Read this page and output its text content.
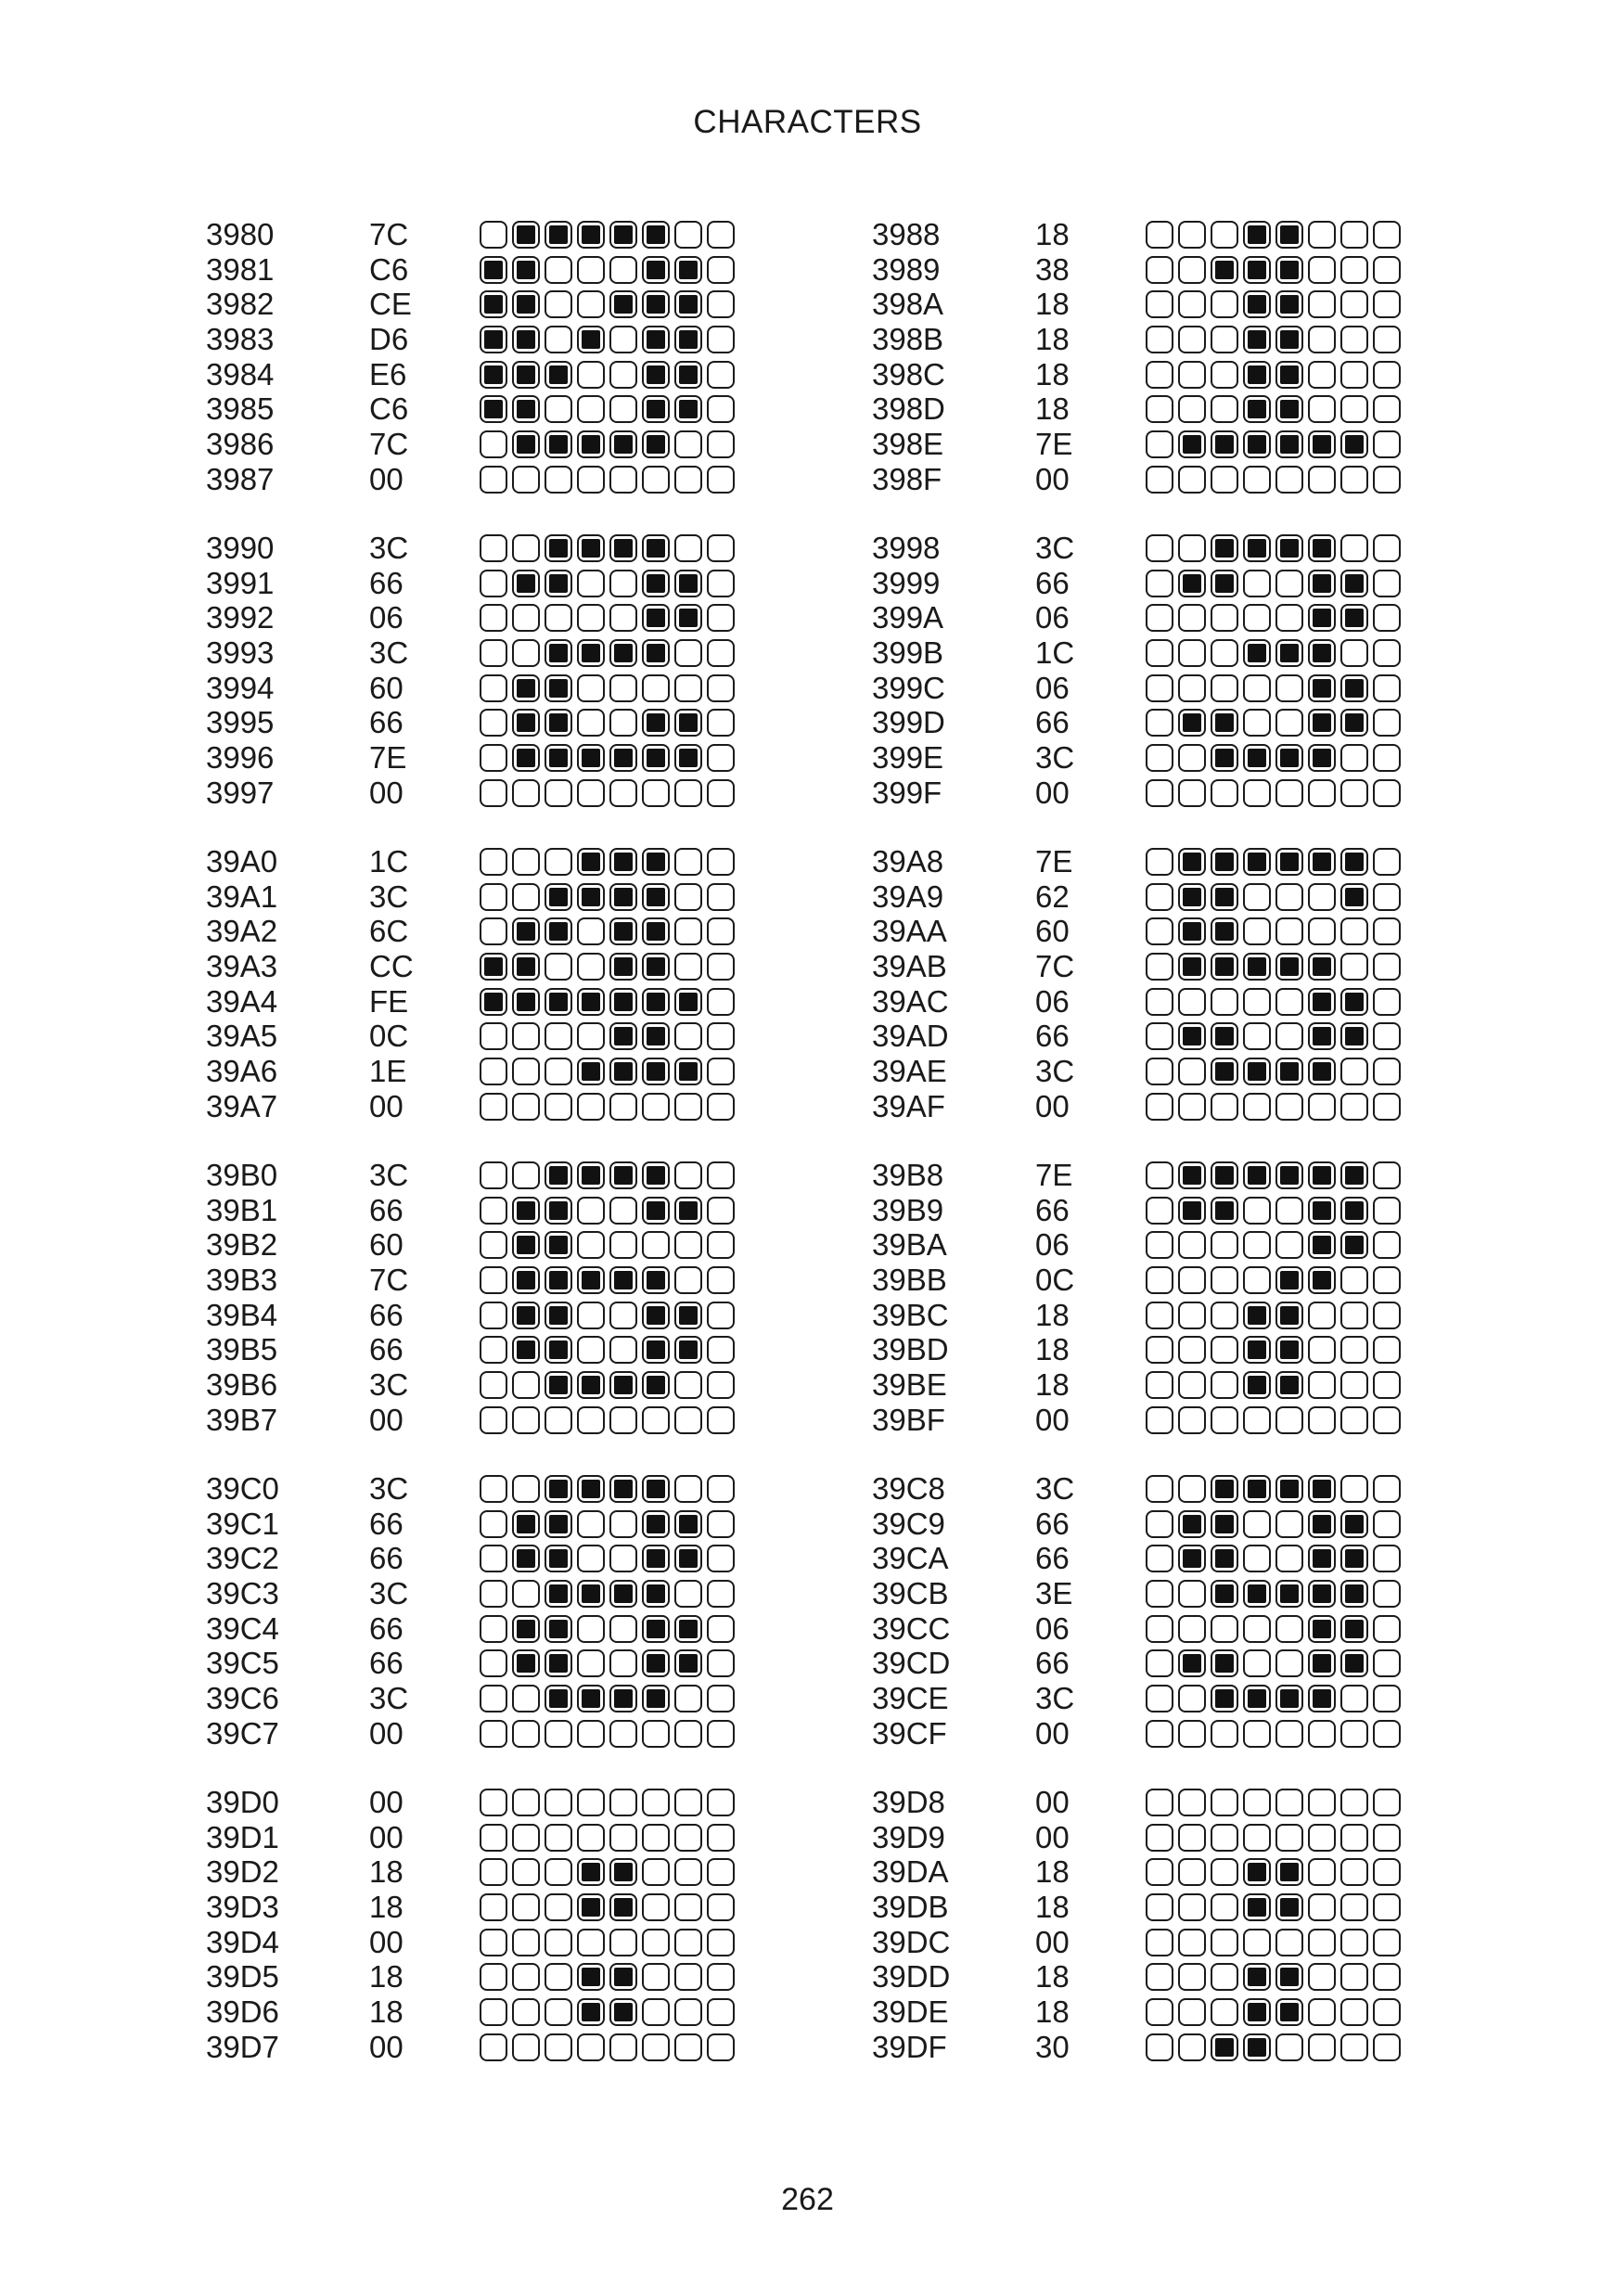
CHARACTERS
3980
3981
3982
3983
3984
3985
3986
3987
7C
C6
CE
D6
E6
C6
7C
00
3988
3989
398A
398B
398C
398D
398E
398F
18
38
18
18
18
18
7E
00
3990
3991
3992
3993
3994
3995
3996
3997
3C
66
06
3C
60
66
7E
00
3998
3999
399A
399B
399C
399D
399E
399F
3C
66
06
1C
06
66
3C
00
39A0
39A1
39A2
39A3
39A4
39A5
39A6
39A7
1C
3C
6C
CC
FE
0C
1E
00
39A8
39A9
39AA
39AB
39AC
39AD
39AE
39AF
7E
62
60
7C
06
66
3C
00
39B0
39B1
39B2
39B3
39B4
39B5
39B6
39B7
3C
66
60
7C
66
66
3C
00
39B8
39B9
39BA
39BB
39BC
39BD
39BE
39BF
7E
66
06
0C
18
18
18
00
39C0
39C1
39C2
39C3
39C4
39C5
39C6
39C7
3C
66
66
3C
66
66
3C
00
39C8
39C9
39CA
39CB
39CC
39CD
39CE
39CF
3C
66
66
3E
06
66
3C
00
39D0
39D1
39D2
39D3
39D4
39D5
39D6
39D7
00
00
18
18
00
18
18
00
39D8
39D9
39DA
39DB
39DC
39DD
39DE
39DF
00
00
18
18
00
18
18
30
262
